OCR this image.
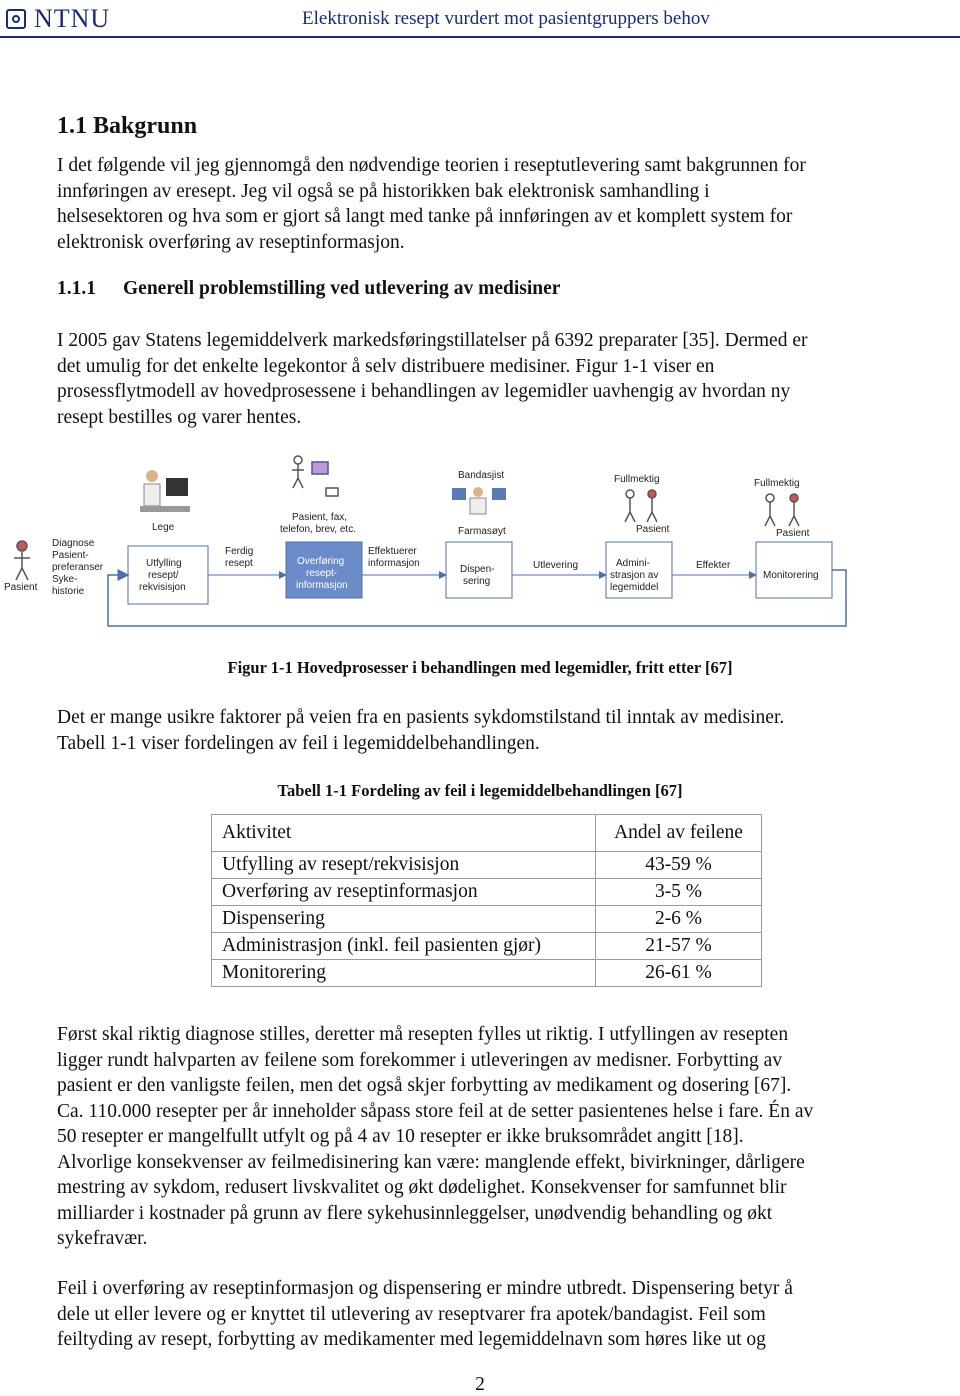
NTNU	Elektronisk resept vurdert mot pasientgruppers behov
1.1 Bakgrunn

I det følgende vil jeg gjennomgå den nødvendige teorien i reseptutlevering samt bakgrunnen for
innføringen av eresept. Jeg vil også se på historikken bak elektronisk samhandling i
helsesektoren og hva som er gjort så langt med tanke på innføringen av et komplett system for
elektronisk overføring av reseptinformasjon.

1.1.1 Generell problemstilling ved utlevering av medisiner

I 2005 gav Statens legemiddelverk markedsføringstillatelser på 6392 preparater [35]. Dermed er
det umulig for det enkelte legekontor å selv distribuere medisiner. Figur 1-1 viser en
prosessflytmodell av hovedprosessene i behandlingen av legemidler uavhengig av hvordan ny
resept bestilles og varer hentes.

Pasient
Diagnose
Pasient-
preferanser
Syke-
historie
Lege
Utfylling
resept/
rekvisisjon
Ferdig
resept
Pasient, fax,
telefon, brev, etc.
Overføring
resept-
informasjon
Effektuerer
informasjon
Bandasjist
Farmasøyt
Dispen-
sering
Utlevering
Fullmektig
Pasient
Admini-
strasjon av
legemiddel
Effekter
Fullmektig
Pasient
Monitorering
Figur 1-1 Hovedprosesser i behandlingen med legemidler, fritt etter [67]

Det er mange usikre faktorer på veien fra en pasients sykdomstilstand til inntak av medisiner.
Tabell 1-1 viser fordelingen av feil i legemiddelbehandlingen.

Tabell 1-1 Fordeling av feil i legemiddelbehandlingen [67]
Aktivitet	Andel av feilene
Utfylling av resept/rekvisisjon	43-59 %
Overføring av reseptinformasjon	3-5 %
Dispensering	2-6 %
Administrasjon (inkl. feil pasienten gjør)	21-57 %
Monitorering	26-61 %

Først skal riktig diagnose stilles, deretter må resepten fylles ut riktig. I utfyllingen av resepten
ligger rundt halvparten av feilene som forekommer i utleveringen av medisner. Forbytting av
pasient er den vanligste feilen, men det også skjer forbytting av medikament og dosering [67].
Ca. 110.000 resepter per år inneholder såpass store feil at de setter pasientenes helse i fare. Én av
50 resepter er mangelfullt utfylt og på 4 av 10 resepter er ikke bruksområdet angitt [18].
Alvorlige konsekvenser av feilmedisinering kan være: manglende effekt, bivirkninger, dårligere
mestring av sykdom, redusert livskvalitet og økt dødelighet. Konsekvenser for samfunnet blir
milliarder i kostnader på grunn av flere sykehusinnleggelser, unødvendig behandling og økt
sykefravær.

Feil i overføring av reseptinformasjon og dispensering er mindre utbredt. Dispensering betyr å
dele ut eller levere og er knyttet til utlevering av reseptvarer fra apotek/bandagist. Feil som
feiltyding av resept, forbytting av medikamenter med legemiddelnavn som høres like ut og

2
